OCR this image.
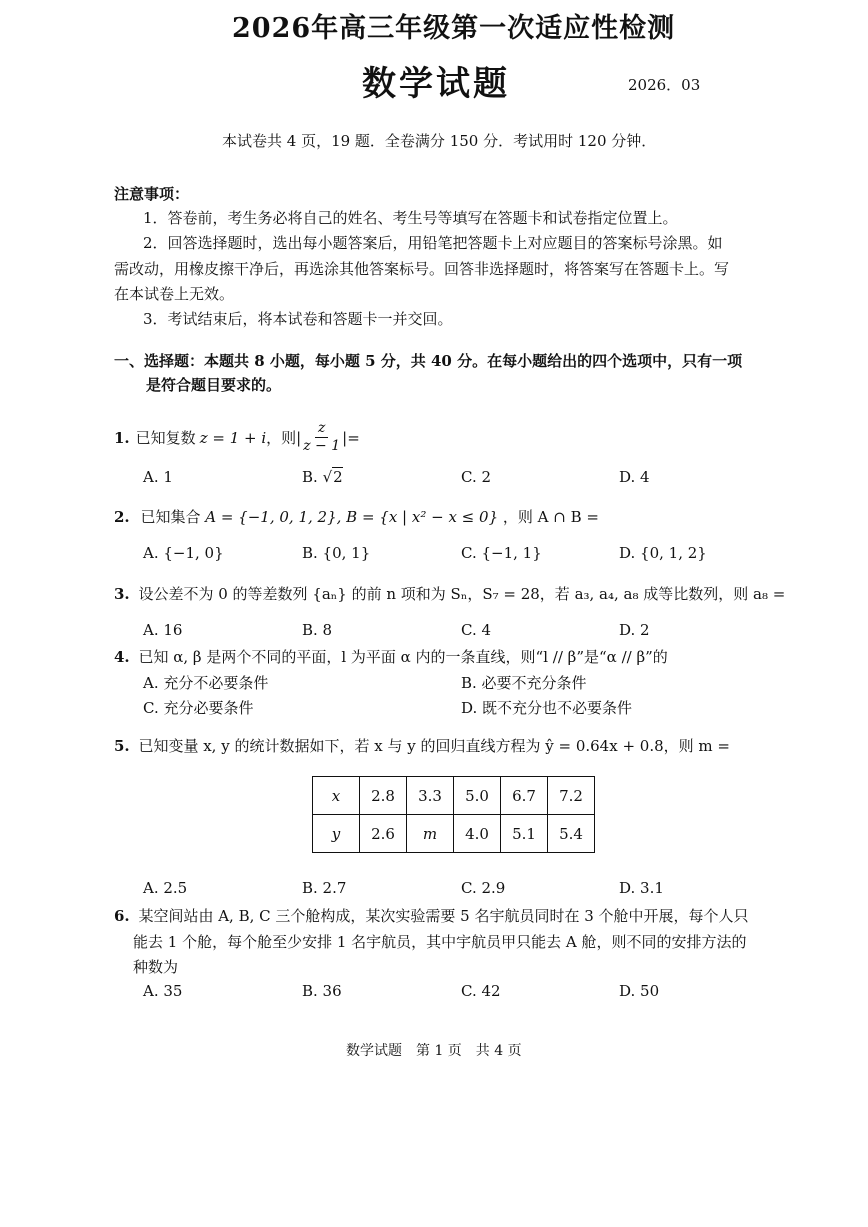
2026年高三年级第一次适应性检测
数学试题	2026．03
本试卷共 4 页，19 题．全卷满分 150 分．考试用时 120 分钟．
注意事项：
1．答卷前，考生务必将自己的姓名、考生号等填写在答题卡和试卷指定位置上。
2．回答选择题时，选出每小题答案后，用铅笔把答题卡上对应题目的答案标号涂黑。如
需改动，用橡皮擦干净后，再选涂其他答案标号。回答非选择题时，将答案写在答题卡上。写
在本试卷上无效。
3．考试结束后，将本试卷和答题卡一并交回。
一、选择题：本题共 8 小题，每小题 5 分，共 40 分。在每小题给出的四个选项中，只有一项
是符合题目要求的。
1. 已知复数 z = 1 + i ，则 | $\frac{z}{z - 1}$ |=
A. 1	B. √2	C. 2	D. 4
2. 已知集合 A = {−1, 0, 1, 2}, B = {x | x² − x ≤ 0} ，则 A ∩ B =
A. {−1, 0}	B. {0, 1}	C. {−1, 1}	D. {0, 1, 2}
3. 设公差不为 0 的等差数列 {aₙ} 的前 n 项和为 Sₙ，S₇ = 28，若 a₃, a₄, a₈ 成等比数列，则 a₈ =
A. 16	B. 8	C. 4	D. 2
4. 已知 α, β 是两个不同的平面，l 为平面 α 内的一条直线，则“l // β”是“α // β”的
A. 充分不必要条件	B. 必要不充分条件
C. 充分必要条件	D. 既不充分也不必要条件
5. 已知变量 x, y 的统计数据如下，若 x 与 y 的回归直线方程为 ŷ = 0.64x + 0.8，则 m =
x	2.8	3.3	5.0	6.7	7.2
y	2.6	m	4.0	5.1	5.4
A. 2.5	B. 2.7	C. 2.9	D. 3.1
6. 某空间站由 A, B, C 三个舱构成，某次实验需要 5 名宇航员同时在 3 个舱中开展，每个人只
能去 1 个舱，每个舱至少安排 1 名宇航员，其中宇航员甲只能去 A 舱，则不同的安排方法的
种数为
A. 35	B. 36	C. 42	D. 50
数学试题　第 1 页　共 4 页
